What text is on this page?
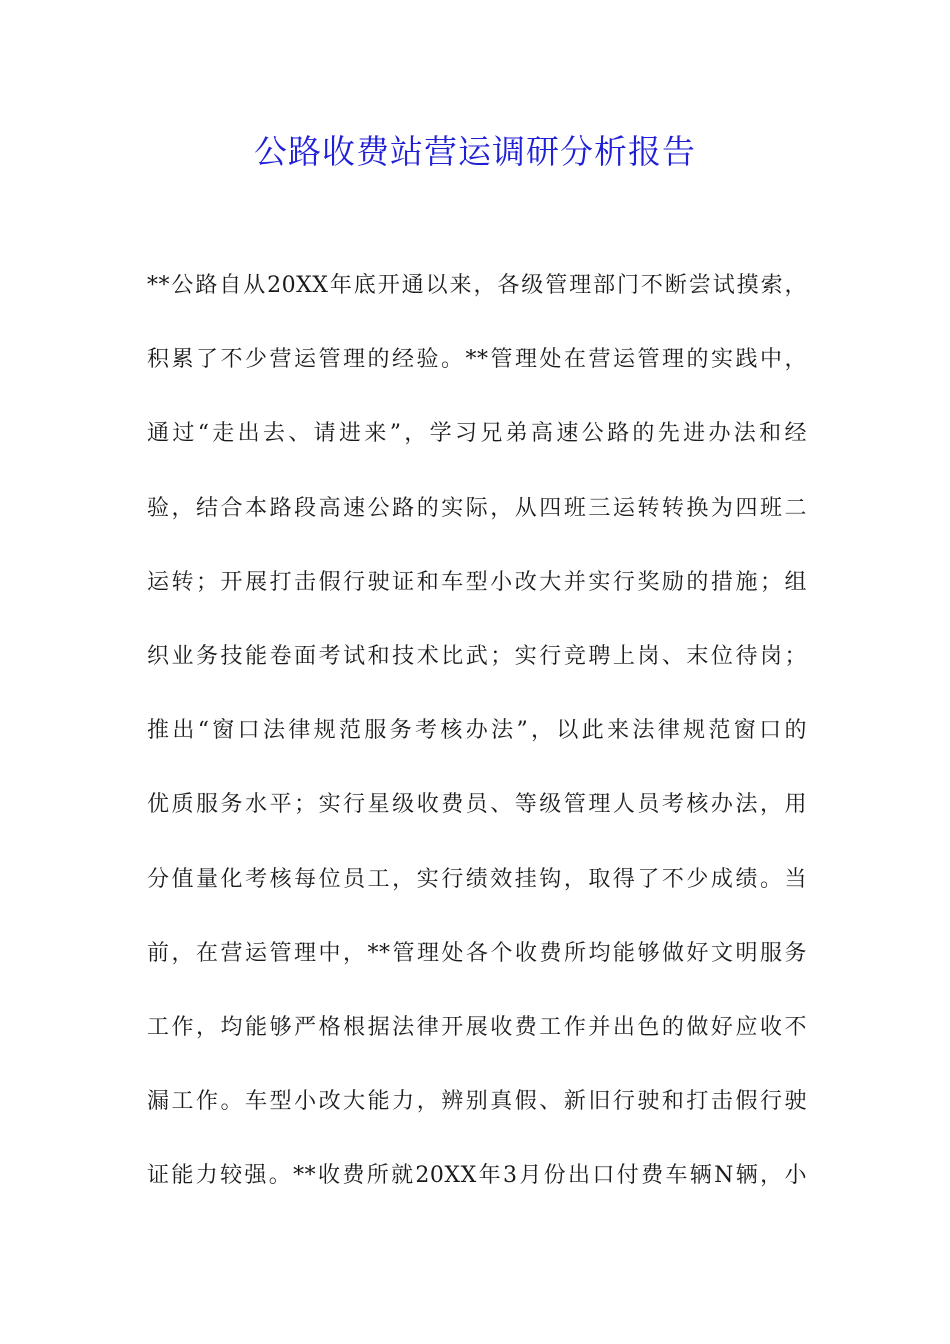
公路收费站营运调研分析报告
**公路自从20XX年底开通以来，各级管理部门不断尝试摸索，
积累了不少营运管理的经验。**管理处在营运管理的实践中，
通过“走出去、请进来”，学习兄弟高速公路的先进办法和经
验，结合本路段高速公路的实际，从四班三运转转换为四班二
运转；开展打击假行驶证和车型小改大并实行奖励的措施；组
织业务技能卷面考试和技术比武；实行竞聘上岗、末位待岗；
推出“窗口法律规范服务考核办法”，以此来法律规范窗口的
优质服务水平；实行星级收费员、等级管理人员考核办法，用
分值量化考核每位员工，实行绩效挂钩，取得了不少成绩。当
前，在营运管理中，**管理处各个收费所均能够做好文明服务
工作，均能够严格根据法律开展收费工作并出色的做好应收不
漏工作。车型小改大能力，辨别真假、新旧行驶和打击假行驶
证能力较强。**收费所就20XX年3月份出口付费车辆N辆，小
